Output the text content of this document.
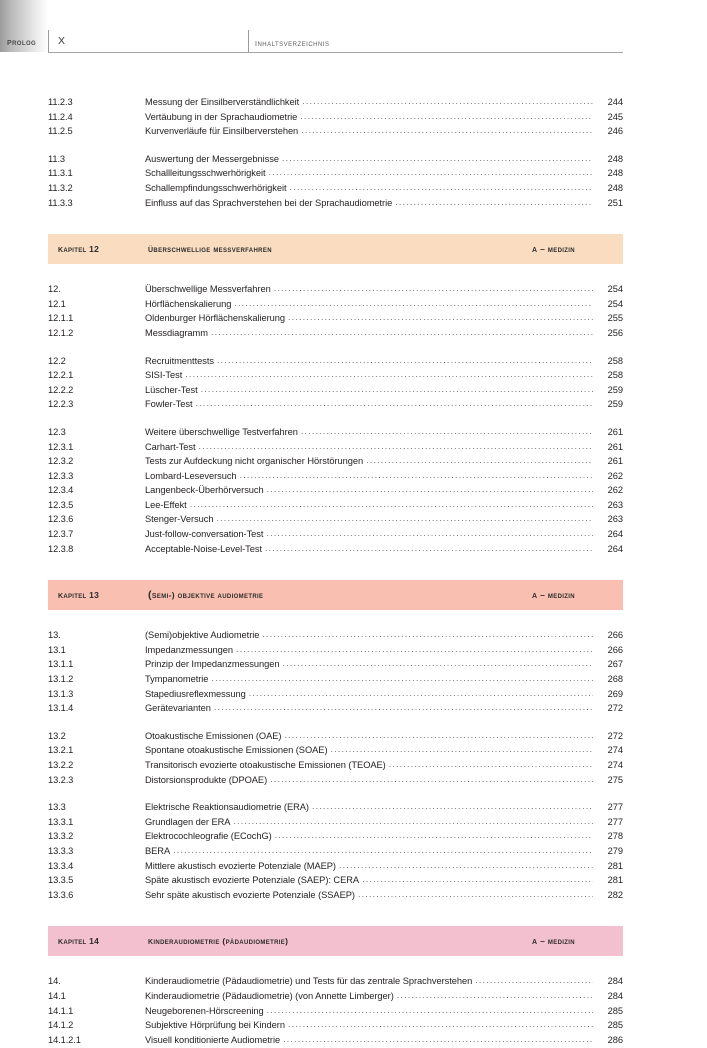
prolog X	inhaltsverzeichnis
11.2.3	Messung der Einsilberverständlichkeit .....	244
11.2.4	Vertäubung in der Sprachaudiometrie .....	245
11.2.5	Kurvenverläufe für Einsilberverstehen .....	246
11.3	Auswertung der Messergebnisse .....	248
11.3.1	Schallleitungsschwerhörigkeit .....	248
11.3.2	Schallempfindungsschwerhörigkeit .....	248
11.3.3	Einfluss auf das Sprachverstehen bei der Sprachaudiometrie .....	251
kapitel 12	überschwellige messverfahren	a – medizin
12.	Überschwellige Messverfahren .....	254
12.1	Hörflächenskalierung .....	254
12.1.1	Oldenburger Hörflächenskalierung .....	255
12.1.2	Messdiagramm .....	256
12.2	Recruitmenttests .....	258
12.2.1	SISI-Test .....	258
12.2.2	Lüscher-Test .....	259
12.2.3	Fowler-Test .....	259
12.3	Weitere überschwellige Testverfahren .....	261
12.3.1	Carhart-Test .....	261
12.3.2	Tests zur Aufdeckung nicht organischer Hörstörungen .....	261
12.3.3	Lombard-Leseversuch .....	262
12.3.4	Langenbeck-Überhörversuch .....	262
12.3.5	Lee-Effekt .....	263
12.3.6	Stenger-Versuch .....	263
12.3.7	Just-follow-conversation-Test .....	264
12.3.8	Acceptable-Noise-Level-Test .....	264
kapitel 13	(semi-) objektive audiometrie	a – medizin
13.	(Semi)objektive Audiometrie .....	266
13.1	Impedanzmessungen .....	266
13.1.1	Prinzip der Impedanzmessungen .....	267
13.1.2	Tympanometrie .....	268
13.1.3	Stapediusreflexmessung .....	269
13.1.4	Gerätevarianten .....	272
13.2	Otoakustische Emissionen (OAE) .....	272
13.2.1	Spontane otoakustische Emissionen (SOAE) .....	274
13.2.2	Transitorisch evozierte otoakustische Emissionen (TEOAE) .....	274
13.2.3	Distorsionsprodukte (DPOAE) .....	275
13.3	Elektrische Reaktionsaudiometrie (ERA) .....	277
13.3.1	Grundlagen der ERA .....	277
13.3.2	Elektrocochleografie (ECochG) .....	278
13.3.3	BERA .....	279
13.3.4	Mittlere akustisch evozierte Potenziale (MAEP) .....	281
13.3.5	Späte akustisch evozierte Potenziale (SAEP): CERA .....	281
13.3.6	Sehr späte akustisch evozierte Potenziale (SSAEP) .....	282
kapitel 14	kinderaudiometrie (pädaudiometrie)	a – medizin
14.	Kinderaudiometrie (Pädaudiometrie) und Tests für das zentrale Sprachverstehen .....	284
14.1	Kinderaudiometrie (Pädaudiometrie) (von Annette Limberger) .....	284
14.1.1	Neugeborenen-Hörscreening .....	285
14.1.2	Subjektive Hörprüfung bei Kindern .....	285
14.1.2.1	Visuell konditionierte Audiometrie .....	286
